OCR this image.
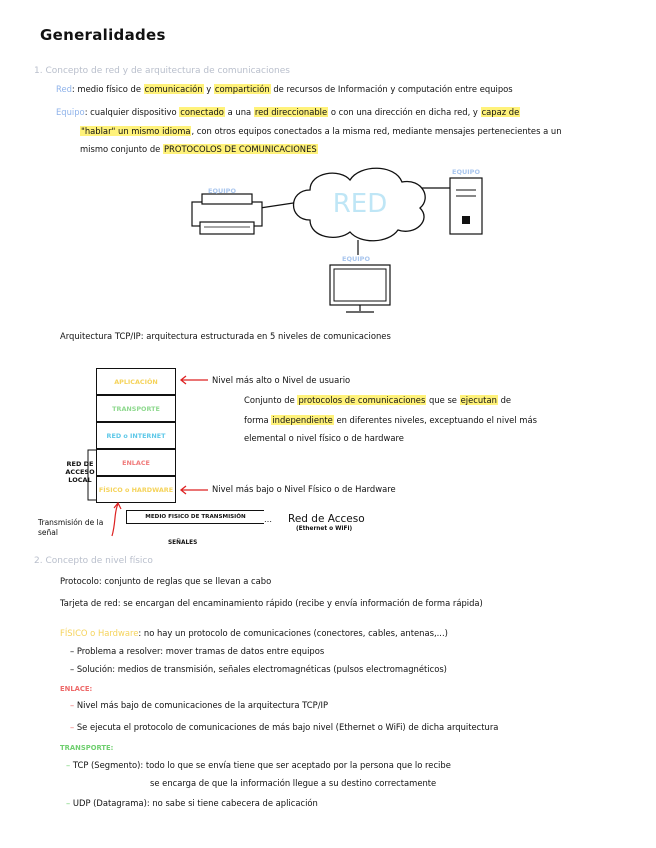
Generalidades
1. Concepto de red y de arquitectura de comunicaciones
Red: medio físico de comunicación y compartición de recursos de Información y computación entre equipos
Equipo: cualquier dispositivo conectado a una red direccionable o con una dirección en dicha red, y capaz de
"hablar" un mismo idioma, con otros equipos conectados a la misma red, mediante mensajes pertenecientes a un
mismo conjunto de PROTOCOLOS DE COMUNICACIONES
RED
EQUIPO
EQUIPO
EQUIPO
Arquitectura TCP/IP: arquitectura estructurada en 5 niveles de comunicaciones
APLICACIÓN
TRANSPORTE
RED o INTERNET
ENLACE
FÍSICO o HARDWARE
Nivel más alto o Nivel de usuario
Conjunto de protocolos de comunicaciones que se ejecutan de
forma independiente en diferentes niveles, exceptuando el nivel más
elemental o nivel físico o de hardware
Nivel más bajo o Nivel Físico o de Hardware
RED DE ACCESO LOCAL
Transmisión de la señal
MEDIO FISICO DE TRANSMISIÓN	…
SEÑALES
Red de Acceso
(Ethernet o WiFi)
2. Concepto de nivel físico
Protocolo: conjunto de reglas que se llevan a cabo
Tarjeta de red: se encargan del encaminamiento rápido (recibe y envía información de forma rápida)
FÍSICO o Hardware: no hay un protocolo de comunicaciones (conectores, cables, antenas,...)
– Problema a resolver: mover tramas de datos entre equipos
– Solución: medios de transmisión, señales electromagnéticas (pulsos electromagnéticos)
ENLACE:
– Nivel más bajo de comunicaciones de la arquitectura TCP/IP
– Se ejecuta el protocolo de comunicaciones de más bajo nivel (Ethernet o WiFi) de dicha arquitectura
TRANSPORTE:
– TCP (Segmento): todo lo que se envía tiene que ser aceptado por la persona que lo recibe
se encarga de que la información llegue a su destino correctamente
– UDP (Datagrama): no sabe si tiene cabecera de aplicación
